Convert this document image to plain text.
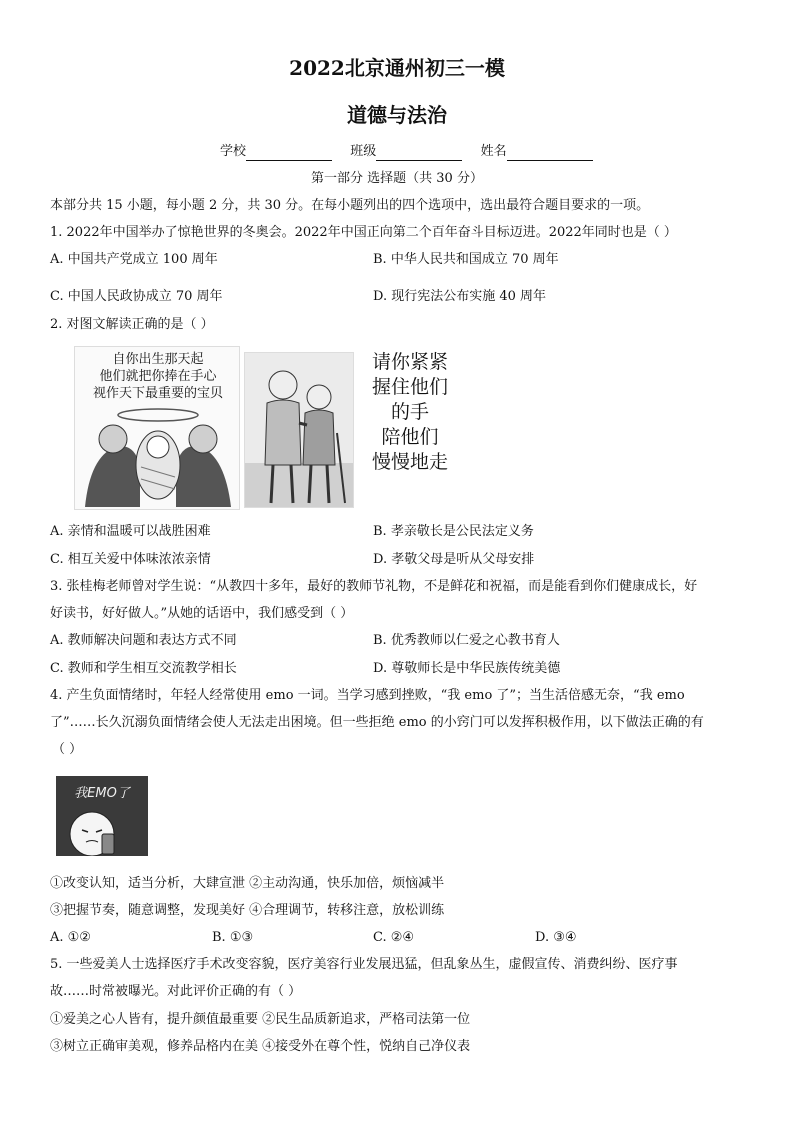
2022北京通州初三一模
道德与法治
学校	班级	姓名
第一部分 选择题（共 30 分）
本部分共 15 小题，每小题 2 分，共 30 分。在每小题列出的四个选项中，选出最符合题目要求的一项。
1. 2022年中国举办了惊艳世界的冬奥会。2022年中国正向第二个百年奋斗目标迈进。2022年同时也是（ ）
A. 中国共产党成立 100 周年	B. 中华人民共和国成立 70 周年
C. 中国人民政协成立 70 周年	D. 现行宪法公布实施 40 周年
2. 对图文解读正确的是（ ）
自你出生那天起
他们就把你捧在手心
视作天下最重要的宝贝
请你紧紧
握住他们
的手
陪他们
慢慢地走
A. 亲情和温暖可以战胜困难	B. 孝亲敬长是公民法定义务
C. 相互关爱中体味浓浓亲情	D. 孝敬父母是听从父母安排
3. 张桂梅老师曾对学生说：“从教四十多年，最好的教师节礼物，不是鲜花和祝福，而是能看到你们健康成长，好
好读书，好好做人。”从她的话语中，我们感受到（ ）
A. 教师解决问题和表达方式不同	B. 优秀教师以仁爱之心教书育人
C. 教师和学生相互交流教学相长	D. 尊敬师长是中华民族传统美德
4. 产生负面情绪时，年轻人经常使用 emo 一词。当学习感到挫败，“我 emo 了”；当生活倍感无奈，“我 emo
了”……长久沉溺负面情绪会使人无法走出困境。但一些拒绝 emo 的小窍门可以发挥积极作用，以下做法正确的有
（ ）
我EMO了
①改变认知，适当分析，大肆宣泄 ②主动沟通，快乐加倍，烦恼减半
③把握节奏，随意调整，发现美好 ④合理调节，转移注意，放松训练
A. ①②	B. ①③	C. ②④	D. ③④
5. 一些爱美人士选择医疗手术改变容貌，医疗美容行业发展迅猛，但乱象丛生，虚假宣传、消费纠纷、医疗事
故……时常被曝光。对此评价正确的有（ ）
①爱美之心人皆有，提升颜值最重要 ②民生品质新追求，严格司法第一位
③树立正确审美观，修养品格内在美 ④接受外在尊个性，悦纳自己净仪表
